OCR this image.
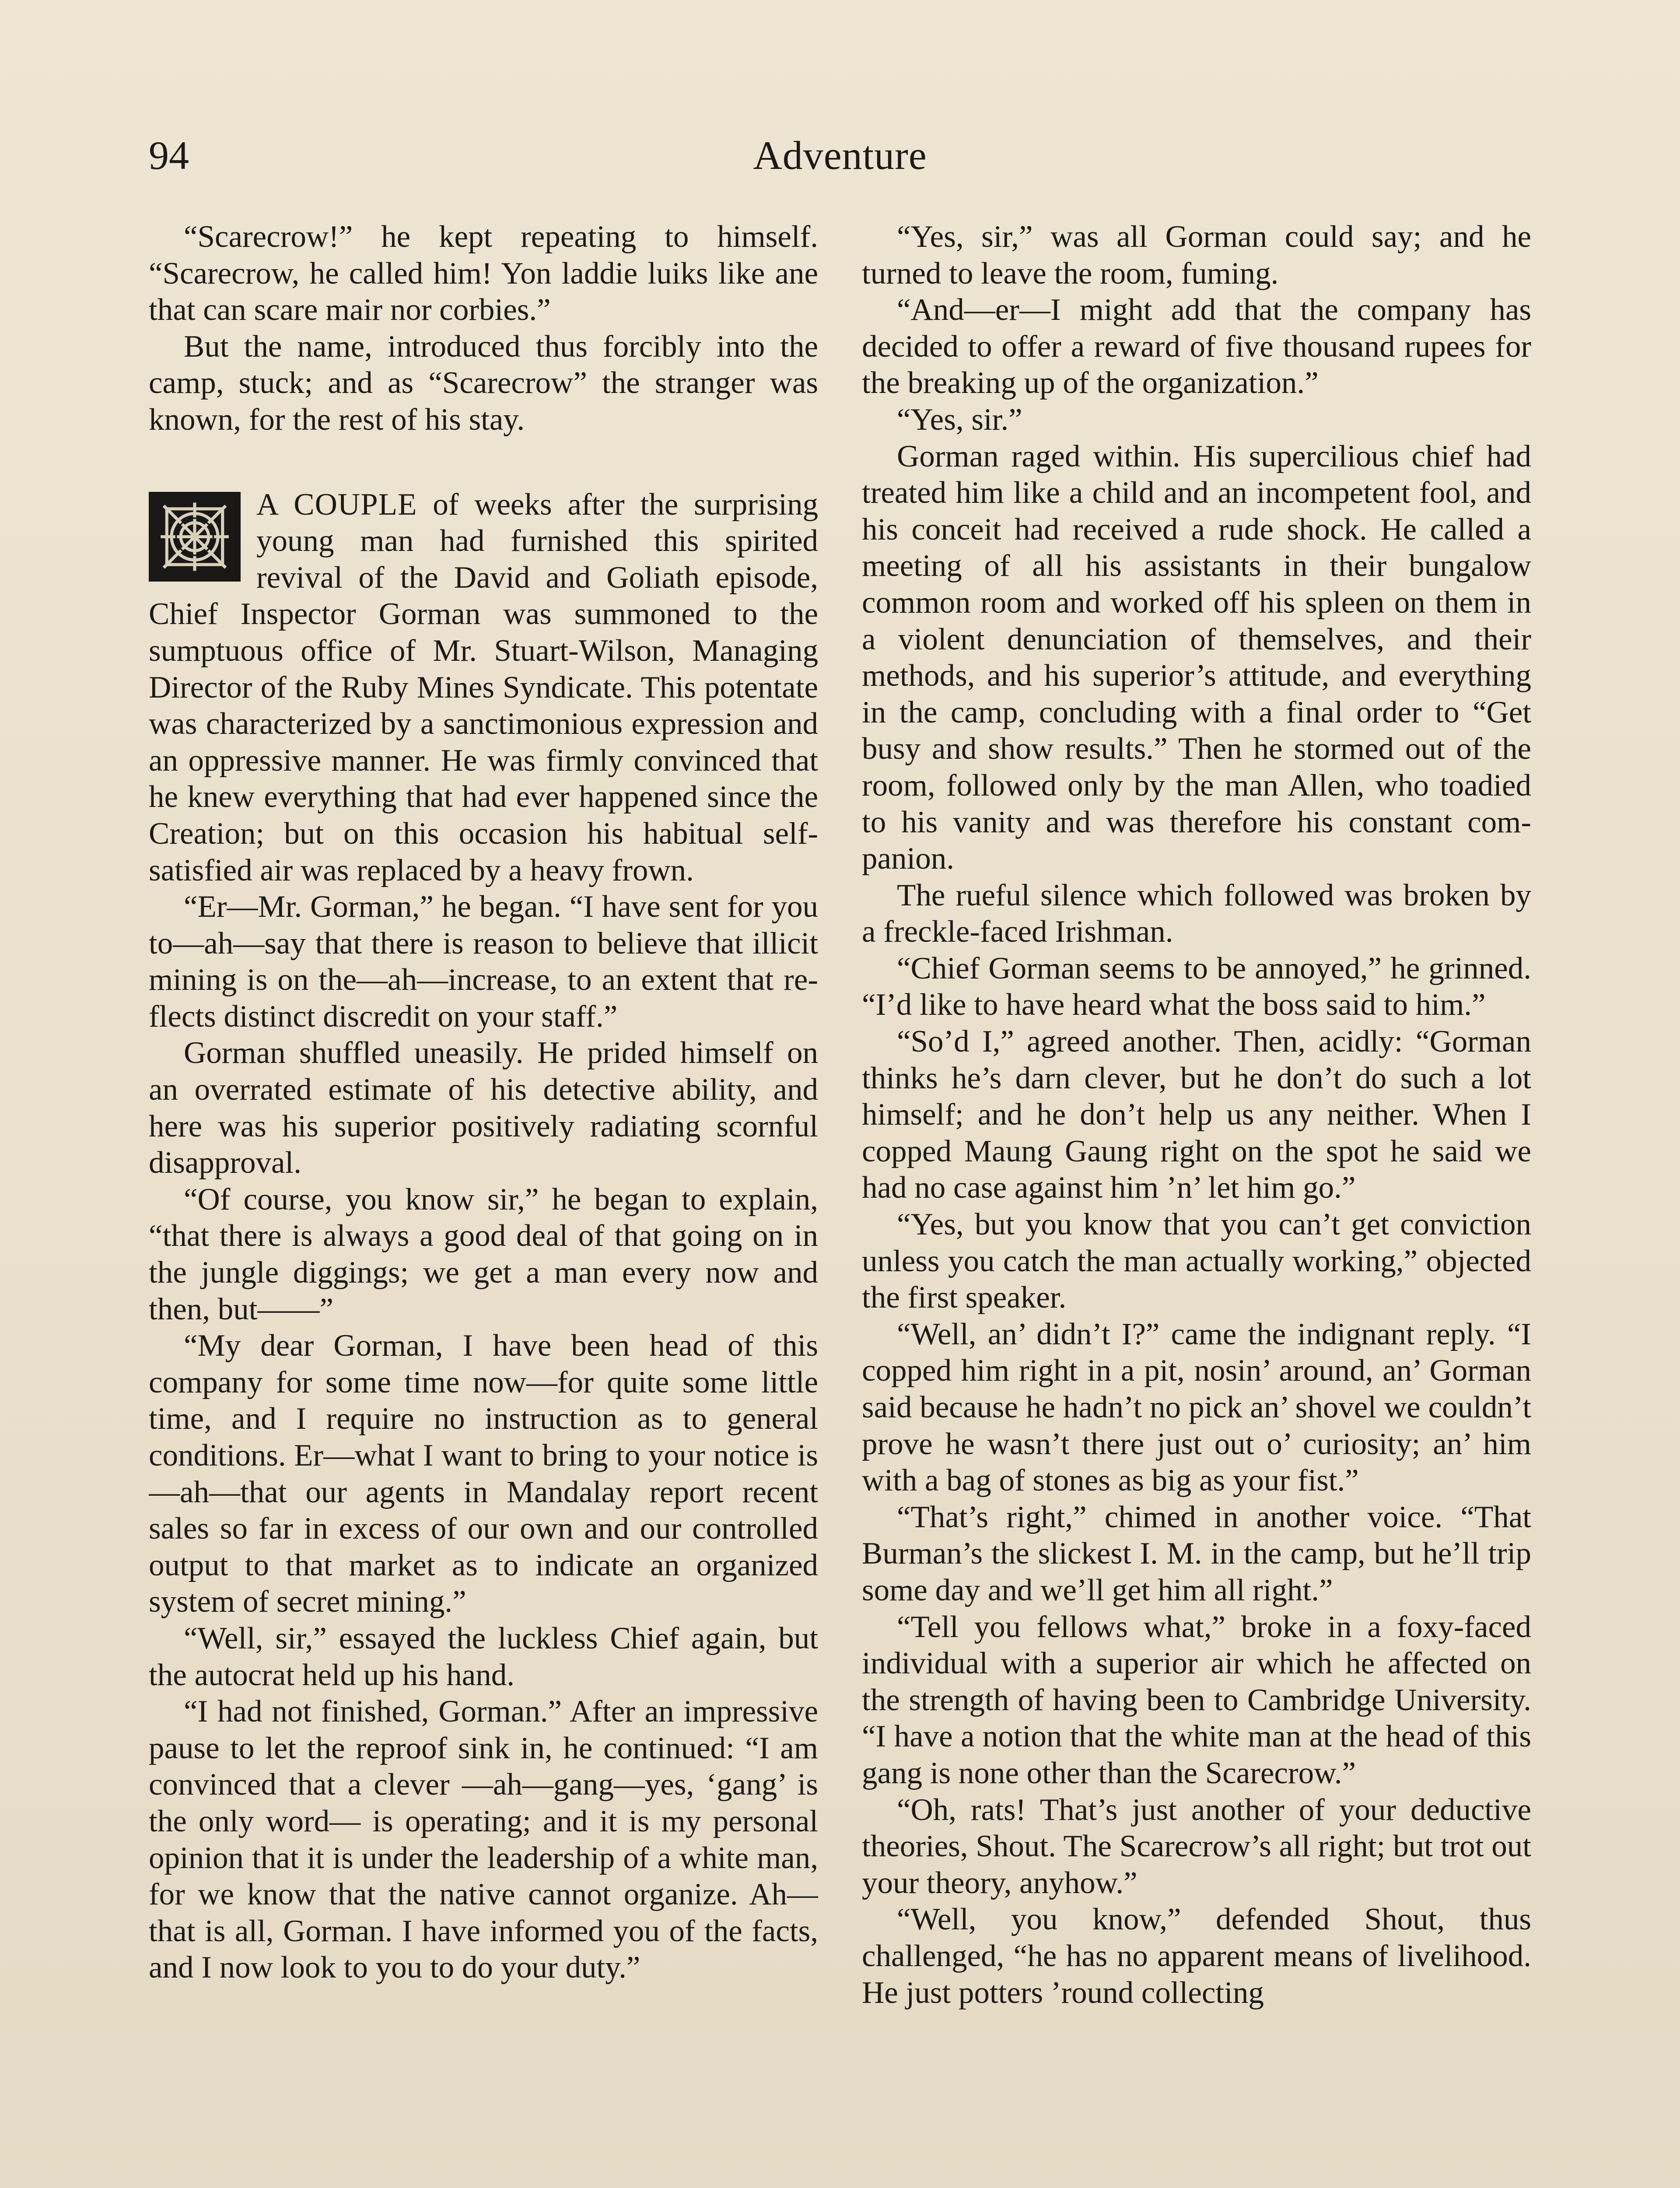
94	Adventure

“Scarecrow!” he kept repeating to himself. “Scarecrow, he called him! Yon laddie luiks like ane that can scare mair nor corbies.”

But the name, introduced thus forcibly into the camp, stuck; and as “Scarecrow” the stranger was known, for the rest of his stay.

A COUPLE of weeks after the surprising young man had furnished this spirited revival of the David and Goliath episode, Chief Inspector Gorman was summoned to the sumptuous office of Mr. Stuart-Wilson, Managing Director of the Ruby Mines Syndicate. This potentate was characterized by a sanctimonious expression and an oppressive manner. He was firmly convinced that he knew everything that had ever happened since the Creation; but on this occasion his habitual self-satisfied air was replaced by a heavy frown.

“Er—Mr. Gorman,” he began. “I have sent for you to—ah—say that there is reason to believe that illicit mining is on the—ah—increase, to an extent that reflects distinct discredit on your staff.”

Gorman shuffled uneasily. He prided himself on an overrated estimate of his detective ability, and here was his superior positively radiating scornful disapproval.

“Of course, you know sir,” he began to explain, “that there is always a good deal of that going on in the jungle diggings; we get a man every now and then, but——”

“My dear Gorman, I have been head of this company for some time now—for quite some little time, and I require no instruction as to general conditions. Er—what I want to bring to your notice is—ah—that our agents in Mandalay report recent sales so far in excess of our own and our controlled output to that market as to indicate an organized system of secret mining.”

“Well, sir,” essayed the luckless Chief again, but the autocrat held up his hand.

“I had not finished, Gorman.” After an impressive pause to let the reproof sink in, he continued: “I am convinced that a clever —ah—gang—yes, ‘gang’ is the only word— is operating; and it is my personal opinion that it is under the leadership of a white man, for we know that the native cannot organize. Ah—that is all, Gorman. I have informed you of the facts, and I now look to you to do your duty.”

“Yes, sir,” was all Gorman could say; and he turned to leave the room, fuming.

“And—er—I might add that the company has decided to offer a reward of five thousand rupees for the breaking up of the organization.”

“Yes, sir.”

Gorman raged within. His supercilious chief had treated him like a child and an incompetent fool, and his conceit had received a rude shock. He called a meeting of all his assistants in their bungalow common room and worked off his spleen on them in a violent denunciation of themselves, and their methods, and his superior’s attitude, and everything in the camp, concluding with a final order to “Get busy and show results.” Then he stormed out of the room, followed only by the man Allen, who toadied to his vanity and was therefore his constant companion.

The rueful silence which followed was broken by a freckle-faced Irishman.

“Chief Gorman seems to be annoyed,” he grinned. “I’d like to have heard what the boss said to him.”

“So’d I,” agreed another. Then, acidly: “Gorman thinks he’s darn clever, but he don’t do such a lot himself; and he don’t help us any neither. When I copped Maung Gaung right on the spot he said we had no case against him ’n’ let him go.”

“Yes, but you know that you can’t get conviction unless you catch the man actually working,” objected the first speaker.

“Well, an’ didn’t I?” came the indignant reply. “I copped him right in a pit, nosin’ around, an’ Gorman said because he hadn’t no pick an’ shovel we couldn’t prove he wasn’t there just out o’ curiosity; an’ him with a bag of stones as big as your fist.”

“That’s right,” chimed in another voice. “That Burman’s the slickest I. M. in the camp, but he’ll trip some day and we’ll get him all right.”

“Tell you fellows what,” broke in a foxy-faced individual with a superior air which he affected on the strength of having been to Cambridge University. “I have a notion that the white man at the head of this gang is none other than the Scarecrow.”

“Oh, rats! That’s just another of your deductive theories, Shout. The Scarecrow’s all right; but trot out your theory, anyhow.”

“Well, you know,” defended Shout, thus challenged, “he has no apparent means of livelihood. He just potters ’round collecting
